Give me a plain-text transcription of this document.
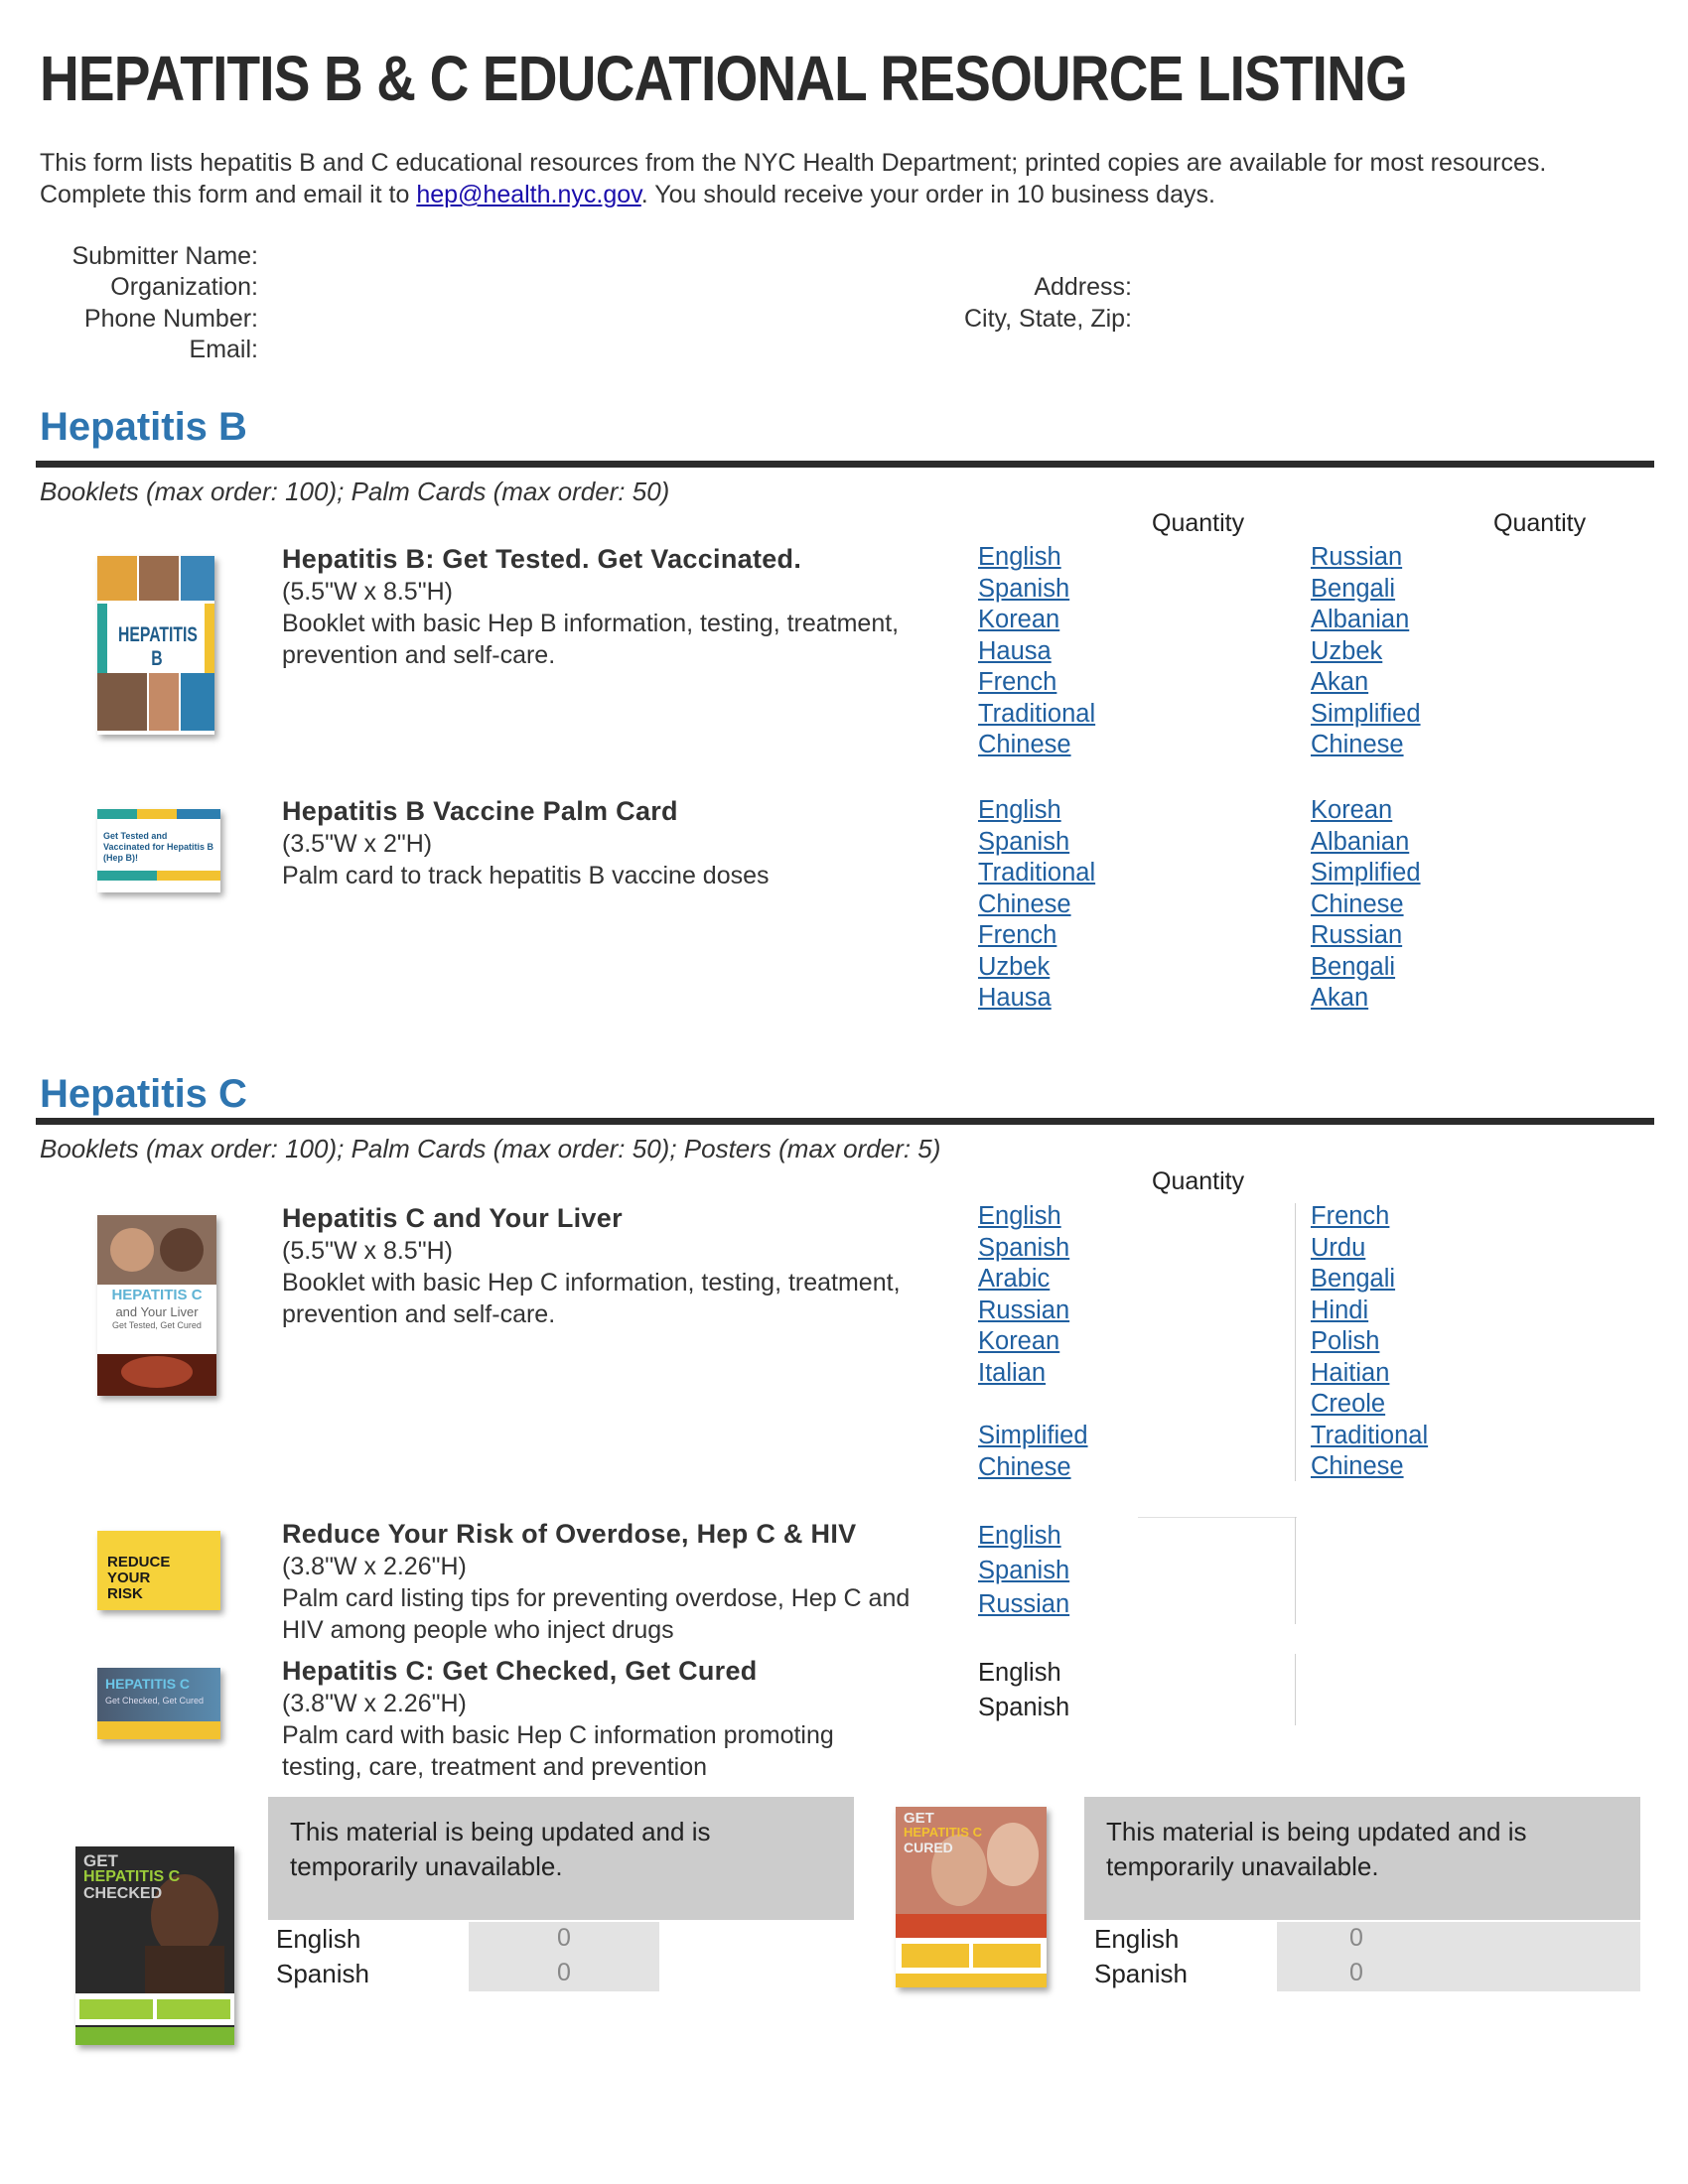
HEPATITIS B & C EDUCATIONAL RESOURCE LISTING
This form lists hepatitis B and C educational resources from the NYC Health Department; printed copies are available for most resources. Complete this form and email it to hep@health.nyc.gov. You should receive your order in 10 business days.
Submitter Name:
Organization:
Phone Number:
Email:
Address:
City, State, Zip:
Hepatitis B
Booklets (max order: 100); Palm Cards (max order: 50)
Quantity	Quantity
HEPATITIS B
Hepatitis B: Get Tested. Get Vaccinated.
(5.5"W x 8.5"H)
Booklet with basic Hep B information, testing, treatment,
prevention and self-care.
English
Spanish
Korean
Hausa
French
Traditional
Chinese
Russian
Bengali
Albanian
Uzbek
Akan
Simplified
Chinese
Get Tested and Vaccinated for Hepatitis B (Hep B)!
Hepatitis B Vaccine Palm Card
(3.5"W x 2"H)
Palm card to track hepatitis B vaccine doses
English
Spanish
Traditional
Chinese
French
Uzbek
Hausa
Korean
Albanian
Simplified
Chinese
Russian
Bengali
Akan
Hepatitis C
Booklets (max order: 100); Palm Cards (max order: 50); Posters (max order: 5)
Quantity
HEPATITIS C
and Your Liver
Get Tested, Get Cured
Hepatitis C and Your Liver
(5.5"W x 8.5"H)
Booklet with basic Hep C information, testing, treatment,
prevention and self-care.
English
Spanish
Arabic
Russian
Korean
Italian
Simplified
Chinese
French
Urdu
Bengali
Hindi
Polish
Haitian
Creole
Traditional
Chinese
REDUCE YOUR RISK
Reduce Your Risk of Overdose, Hep C & HIV
(3.8"W x 2.26"H)
Palm card listing tips for preventing overdose, Hep C and
HIV among people who inject drugs
English
Spanish
Russian
HEPATITIS C
Get Checked, Get Cured
Hepatitis C: Get Checked, Get Cured
(3.8"W x 2.26"H)
Palm card with basic Hep C information promoting
testing, care, treatment and prevention
English
Spanish
GET
HEPATITIS C
CHECKED
This material is being updated and is temporarily unavailable.
English
Spanish
0
0
GET
HEPATITIS C
CURED
This material is being updated and is temporarily unavailable.
English
Spanish
0
0
